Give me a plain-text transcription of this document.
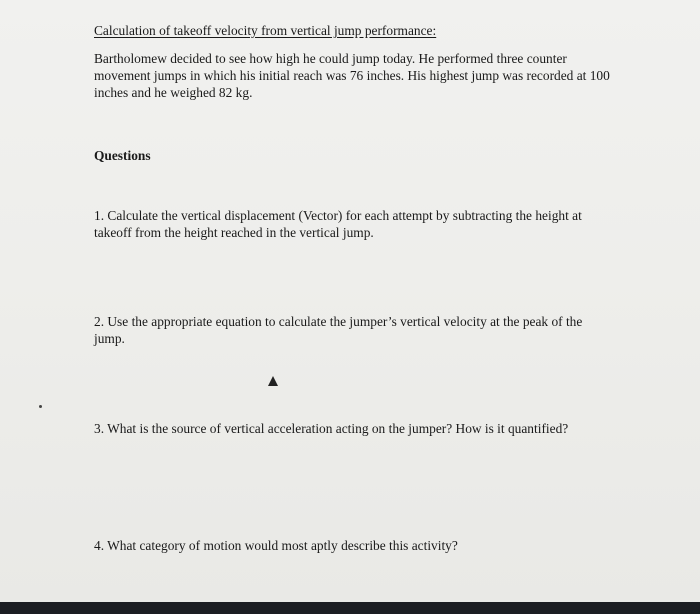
Calculation of takeoff velocity from vertical jump performance:

Bartholomew decided to see how high he could jump today. He performed three counter movement jumps in which his initial reach was 76 inches. His highest jump was recorded at 100 inches and he weighed 82 kg.

Questions

1. Calculate the vertical displacement (Vector) for each attempt by subtracting the height at takeoff from the height reached in the vertical jump.

2. Use the appropriate equation to calculate the jumper’s vertical velocity at the peak of the jump.

3. What is the source of vertical acceleration acting on the jumper? How is it quantified?

4. What category of motion would most aptly describe this activity?
